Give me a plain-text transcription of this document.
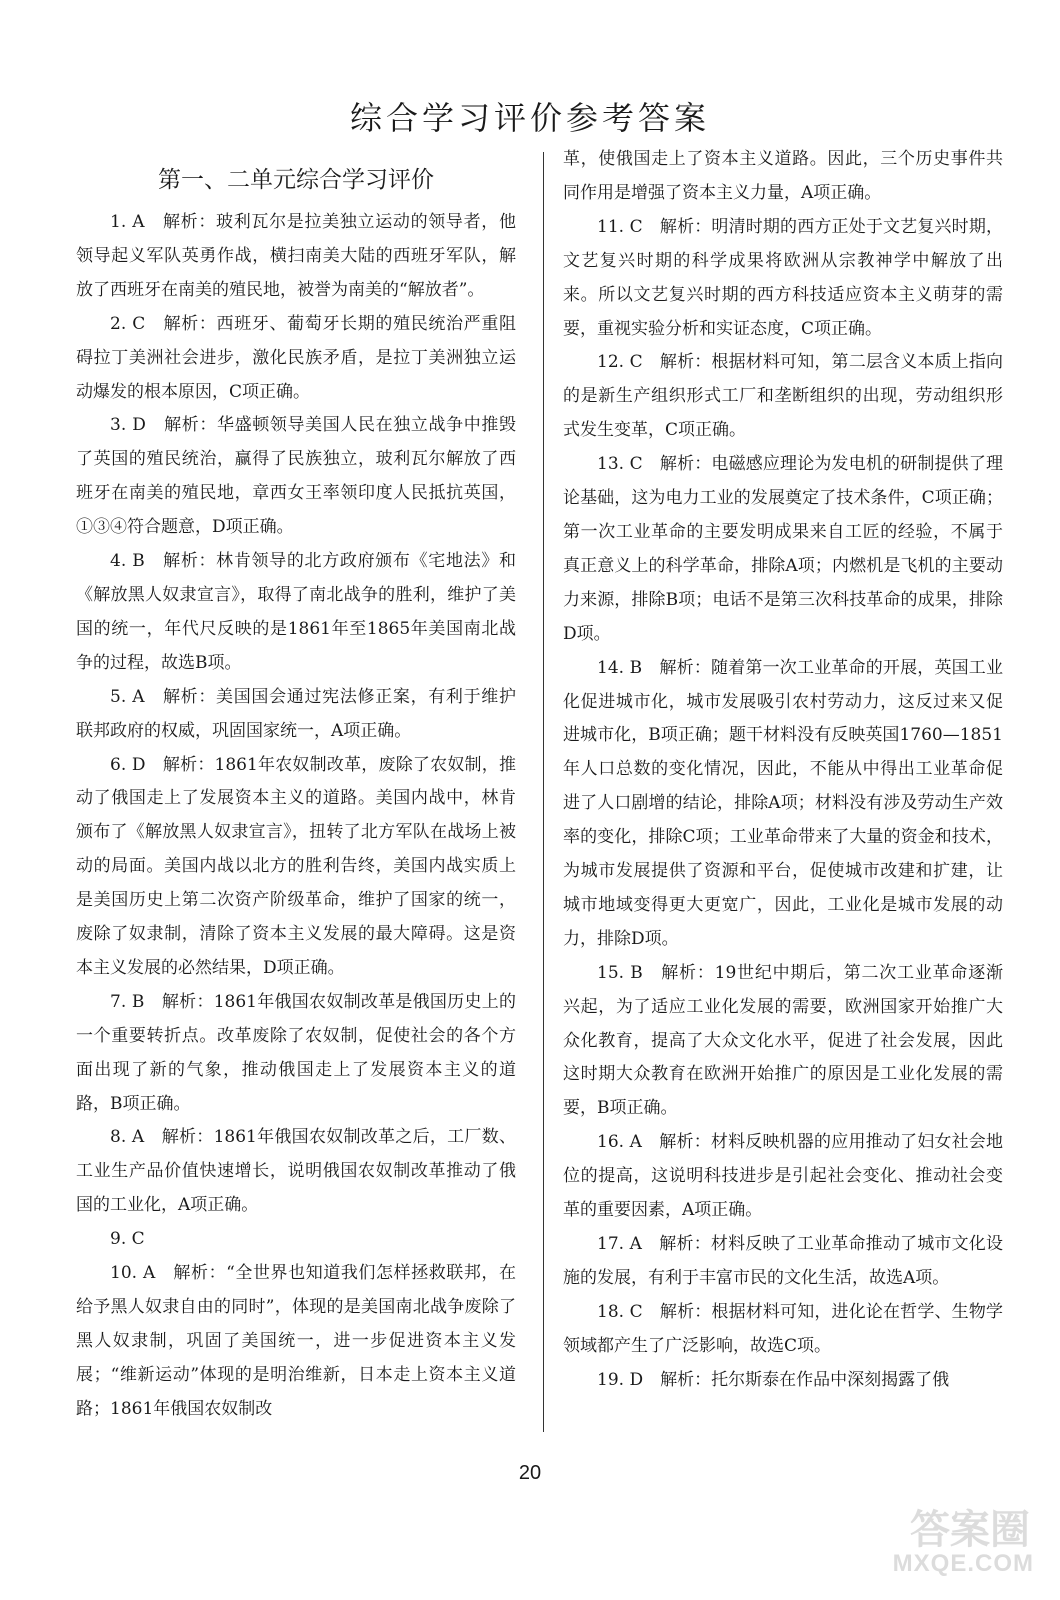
综合学习评价参考答案
第一、二单元综合学习评价

1. A　解析：玻利瓦尔是拉美独立运动的领导者，他领导起义军队英勇作战，横扫南美大陆的西班牙军队，解放了西班牙在南美的殖民地，被誉为南美的“解放者”。

2. C　解析：西班牙、葡萄牙长期的殖民统治严重阻碍拉丁美洲社会进步，激化民族矛盾，是拉丁美洲独立运动爆发的根本原因，C项正确。

3. D　解析：华盛顿领导美国人民在独立战争中推毁了英国的殖民统治，赢得了民族独立，玻利瓦尔解放了西班牙在南美的殖民地，章西女王率领印度人民抵抗英国，①③④符合题意，D项正确。

4. B　解析：林肯领导的北方政府颁布《宅地法》和《解放黑人奴隶宣言》，取得了南北战争的胜利，维护了美国的统一，年代尺反映的是1861年至1865年美国南北战争的过程，故选B项。

5. A　解析：美国国会通过宪法修正案，有利于维护联邦政府的权威，巩固国家统一，A项正确。

6. D　解析：1861年农奴制改革，废除了农奴制，推动了俄国走上了发展资本主义的道路。美国内战中，林肯颁布了《解放黑人奴隶宣言》，扭转了北方军队在战场上被动的局面。美国内战以北方的胜利告终，美国内战实质上是美国历史上第二次资产阶级革命，维护了国家的统一，废除了奴隶制，清除了资本主义发展的最大障碍。这是资本主义发展的必然结果，D项正确。

7. B　解析：1861年俄国农奴制改革是俄国历史上的一个重要转折点。改革废除了农奴制，促使社会的各个方面出现了新的气象，推动俄国走上了发展资本主义的道路，B项正确。

8. A　解析：1861年俄国农奴制改革之后，工厂数、工业生产品价值快速增长，说明俄国农奴制改革推动了俄国的工业化，A项正确。

9. C

10. A　解析：“全世界也知道我们怎样拯救联邦，在给予黑人奴隶自由的同时”，体现的是美国南北战争废除了黑人奴隶制，巩固了美国统一，进一步促进资本主义发展；“维新运动”体现的是明治维新，日本走上资本主义道路；1861年俄国农奴制改

革，使俄国走上了资本主义道路。因此，三个历史事件共同作用是增强了资本主义力量，A项正确。

11. C　解析：明清时期的西方正处于文艺复兴时期，文艺复兴时期的科学成果将欧洲从宗教神学中解放了出来。所以文艺复兴时期的西方科技适应资本主义萌芽的需要，重视实验分析和实证态度，C项正确。

12. C　解析：根据材料可知，第二层含义本质上指向的是新生产组织形式工厂和垄断组织的出现，劳动组织形式发生变革，C项正确。

13. C　解析：电磁感应理论为发电机的研制提供了理论基础，这为电力工业的发展奠定了技术条件，C项正确；第一次工业革命的主要发明成果来自工匠的经验，不属于真正意义上的科学革命，排除A项；内燃机是飞机的主要动力来源，排除B项；电话不是第三次科技革命的成果，排除D项。

14. B　解析：随着第一次工业革命的开展，英国工业化促进城市化，城市发展吸引农村劳动力，这反过来又促进城市化，B项正确；题干材料没有反映英国1760—1851年人口总数的变化情况，因此，不能从中得出工业革命促进了人口剧增的结论，排除A项；材料没有涉及劳动生产效率的变化，排除C项；工业革命带来了大量的资金和技术，为城市发展提供了资源和平台，促使城市改建和扩建，让城市地域变得更大更宽广，因此，工业化是城市发展的动力，排除D项。

15. B　解析：19世纪中期后，第二次工业革命逐渐兴起，为了适应工业化发展的需要，欧洲国家开始推广大众化教育，提高了大众文化水平，促进了社会发展，因此这时期大众教育在欧洲开始推广的原因是工业化发展的需要，B项正确。

16. A　解析：材料反映机器的应用推动了妇女社会地位的提高，这说明科技进步是引起社会变化、推动社会变革的重要因素，A项正确。

17. A　解析：材料反映了工业革命推动了城市文化设施的发展，有利于丰富市民的文化生活，故选A项。

18. C　解析：根据材料可知，进化论在哲学、生物学领域都产生了广泛影响，故选C项。

19. D　解析：托尔斯泰在作品中深刻揭露了俄

20
答案圈
MXQE.COM
